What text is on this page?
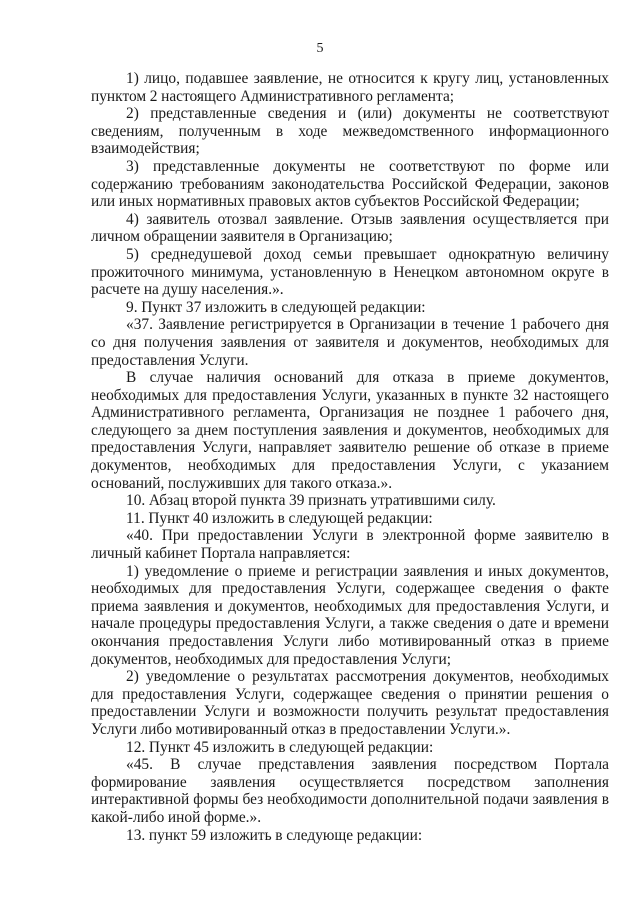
5

1) лицо, подавшее заявление, не относится к кругу лиц, установленных пунктом 2 настоящего Административного регламента;

2) представленные сведения и (или) документы не соответствуют сведениям, полученным в ходе межведомственного информационного взаимодействия;

3) представленные документы не соответствуют по форме или содержанию требованиям законодательства Российской Федерации, законов или иных нормативных правовых актов субъектов Российской Федерации;

4) заявитель отозвал заявление. Отзыв заявления осуществляется при личном обращении заявителя в Организацию;

5) среднедушевой доход семьи превышает однократную величину прожиточного минимума, установленную в Ненецком автономном округе в расчете на душу населения.».

9. Пункт 37 изложить в следующей редакции:

«37. Заявление регистрируется в Организации в течение 1 рабочего дня со дня получения заявления от заявителя и документов, необходимых для предоставления Услуги.

В случае наличия оснований для отказа в приеме документов, необходимых для предоставления Услуги, указанных в пункте 32 настоящего Административного регламента, Организация не позднее 1 рабочего дня, следующего за днем поступления заявления и документов, необходимых для предоставления Услуги, направляет заявителю решение об отказе в приеме документов, необходимых для предоставления Услуги, с указанием оснований, послуживших для такого отказа.».

10. Абзац второй пункта 39 признать утратившими силу.

11. Пункт 40 изложить в следующей редакции:

«40. При предоставлении Услуги в электронной форме заявителю в личный кабинет Портала направляется:

1) уведомление о приеме и регистрации заявления и иных документов, необходимых для предоставления Услуги, содержащее сведения о факте приема заявления и документов, необходимых для предоставления Услуги, и начале процедуры предоставления Услуги, а также сведения о дате и времени окончания предоставления Услуги либо мотивированный отказ в приеме документов, необходимых для предоставления Услуги;

2) уведомление о результатах рассмотрения документов, необходимых для предоставления Услуги, содержащее сведения о принятии решения о предоставлении Услуги и возможности получить результат предоставления Услуги либо мотивированный отказ в предоставлении Услуги.».

12. Пункт 45 изложить в следующей редакции:

«45. В случае представления заявления посредством Портала формирование заявления осуществляется посредством заполнения интерактивной формы без необходимости дополнительной подачи заявления в какой-либо иной форме.».

13. пункт 59 изложить в следующе редакции:
